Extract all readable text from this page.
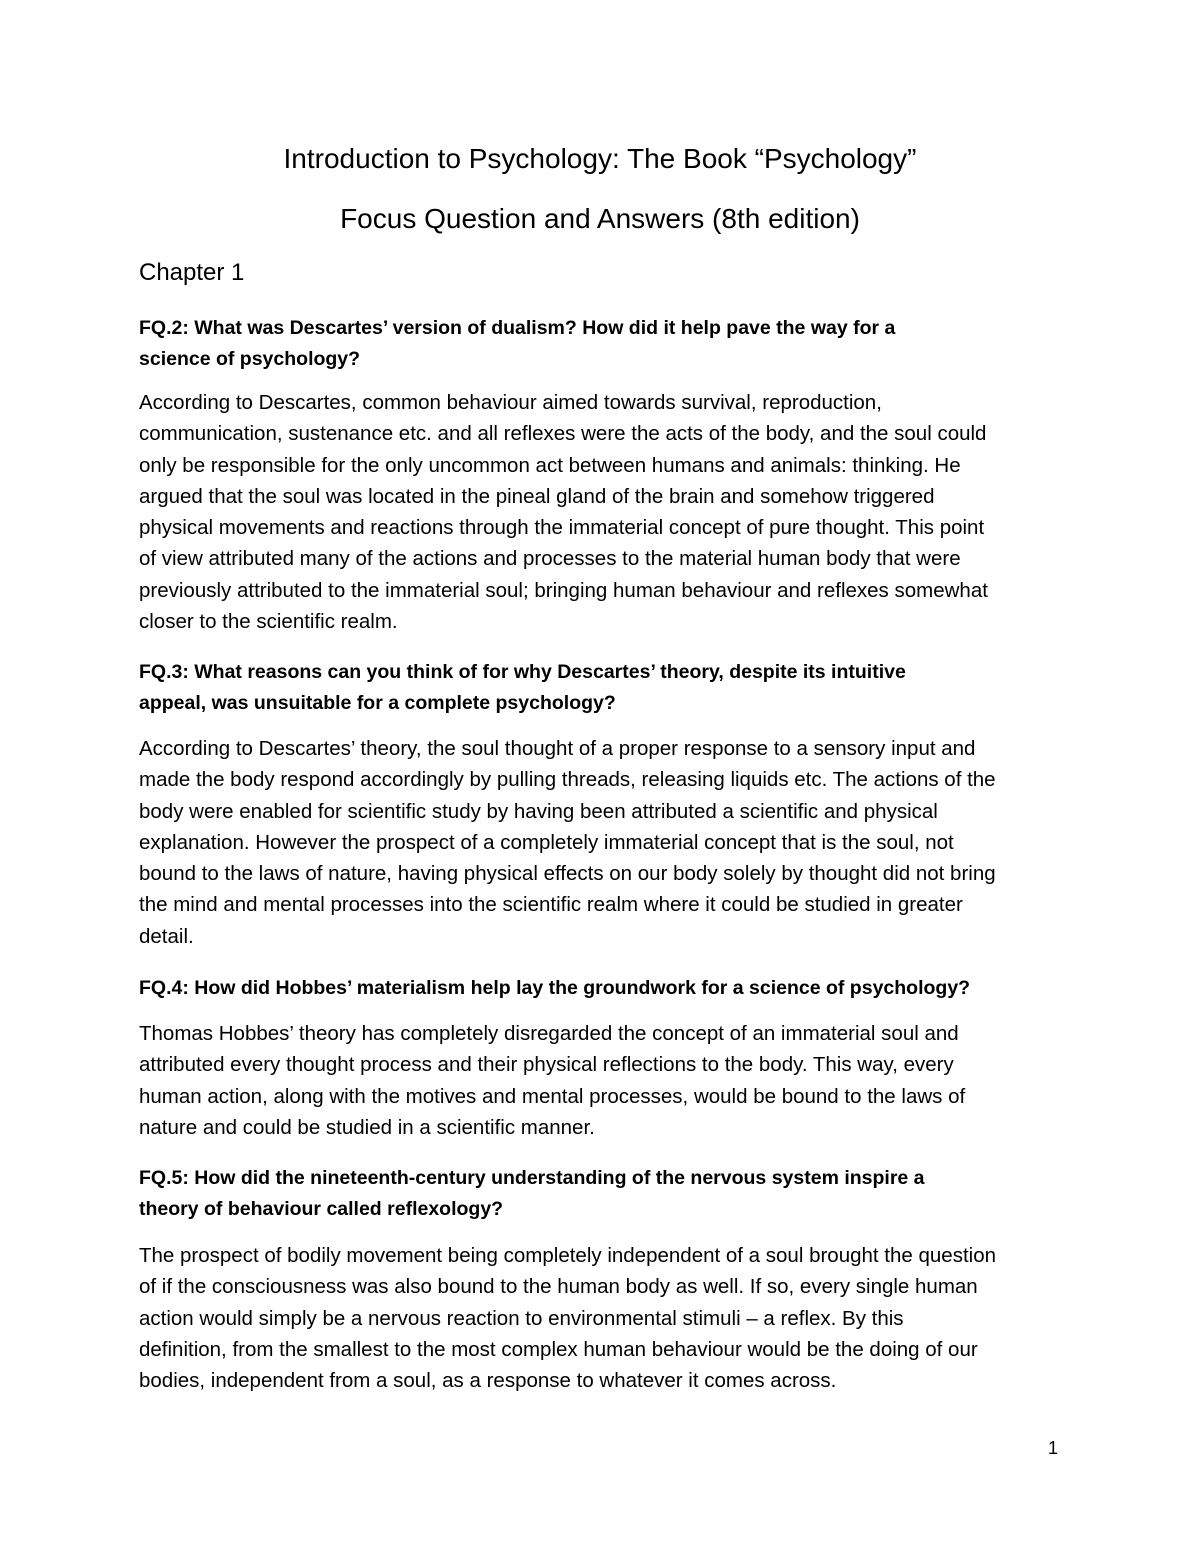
Introduction to Psychology: The Book “Psychology”
Focus Question and Answers (8th edition)
Chapter 1
FQ.2: What was Descartes’ version of dualism? How did it help pave the way for a
science of psychology?
According to Descartes, common behaviour aimed towards survival, reproduction,
communication, sustenance etc. and all reflexes were the acts of the body, and the soul could
only be responsible for the only uncommon act between humans and animals: thinking. He
argued that the soul was located in the pineal gland of the brain and somehow triggered
physical movements and reactions through the immaterial concept of pure thought. This point
of view attributed many of the actions and processes to the material human body that were
previously attributed to the immaterial soul; bringing human behaviour and reflexes somewhat
closer to the scientific realm.
FQ.3: What reasons can you think of for why Descartes’ theory, despite its intuitive
appeal, was unsuitable for a complete psychology?
According to Descartes’ theory, the soul thought of a proper response to a sensory input and
made the body respond accordingly by pulling threads, releasing liquids etc. The actions of the
body were enabled for scientific study by having been attributed a scientific and physical
explanation. However the prospect of a completely immaterial concept that is the soul, not
bound to the laws of nature, having physical effects on our body solely by thought did not bring
the mind and mental processes into the scientific realm where it could be studied in greater
detail.
FQ.4: How did Hobbes’ materialism help lay the groundwork for a science of psychology?
Thomas Hobbes’ theory has completely disregarded the concept of an immaterial soul and
attributed every thought process and their physical reflections to the body. This way, every
human action, along with the motives and mental processes, would be bound to the laws of
nature and could be studied in a scientific manner.
FQ.5: How did the nineteenth-century understanding of the nervous system inspire a
theory of behaviour called reflexology?
The prospect of bodily movement being completely independent of a soul brought the question
of if the consciousness was also bound to the human body as well. If so, every single human
action would simply be a nervous reaction to environmental stimuli – a reflex. By this
definition, from the smallest to the most complex human behaviour would be the doing of our
bodies, independent from a soul, as a response to whatever it comes across.
1
